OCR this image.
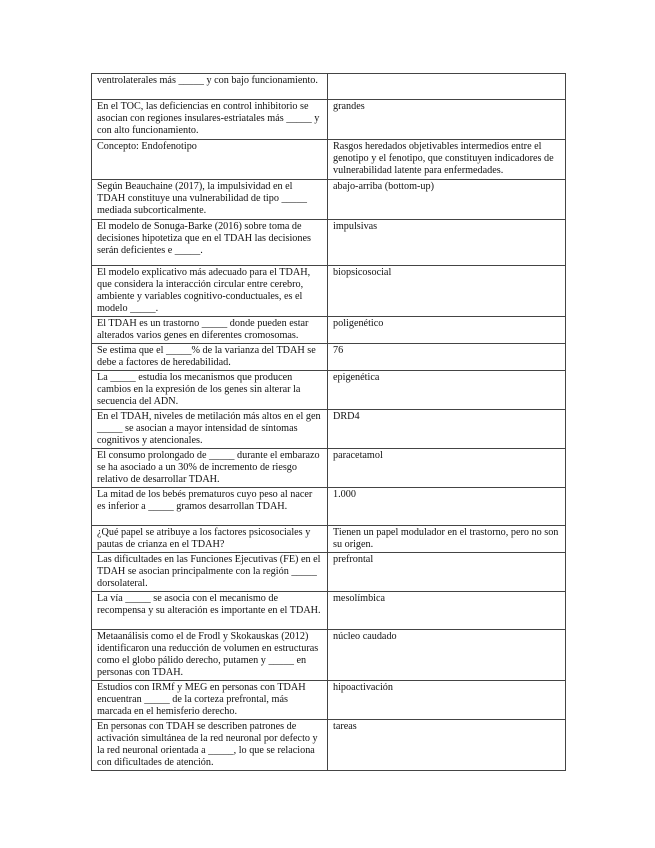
ventrolaterales más _____ y con bajo funcionamiento.	
En el TOC, las deficiencias en control inhibitorio se asocian con regiones insulares-estriatales más _____ y con alto funcionamiento.	grandes
Concepto: Endofenotipo	Rasgos heredados objetivables intermedios entre el genotipo y el fenotipo, que constituyen indicadores de vulnerabilidad latente para enfermedades.
Según Beauchaine (2017), la impulsividad en el TDAH constituye una vulnerabilidad de tipo _____ mediada subcorticalmente.	abajo-arriba (bottom-up)
El modelo de Sonuga-Barke (2016) sobre toma de decisiones hipotetiza que en el TDAH las decisiones serán deficientes e _____.	impulsivas
El modelo explicativo más adecuado para el TDAH, que considera la interacción circular entre cerebro, ambiente y variables cognitivo-conductuales, es el modelo _____.	biopsicosocial
El TDAH es un trastorno _____ donde pueden estar alterados varios genes en diferentes cromosomas.	poligenético
Se estima que el _____% de la varianza del TDAH se debe a factores de heredabilidad.	76
La _____ estudia los mecanismos que producen cambios en la expresión de los genes sin alterar la secuencia del ADN.	epigenética
En el TDAH, niveles de metilación más altos en el gen _____ se asocian a mayor intensidad de síntomas cognitivos y atencionales.	DRD4
El consumo prolongado de _____ durante el embarazo se ha asociado a un 30% de incremento de riesgo relativo de desarrollar TDAH.	paracetamol
La mitad de los bebés prematuros cuyo peso al nacer es inferior a _____ gramos desarrollan TDAH.	1.000
¿Qué papel se atribuye a los factores psicosociales y pautas de crianza en el TDAH?	Tienen un papel modulador en el trastorno, pero no son su origen.
Las dificultades en las Funciones Ejecutivas (FE) en el TDAH se asocian principalmente con la región _____ dorsolateral.	prefrontal
La vía _____ se asocia con el mecanismo de recompensa y su alteración es importante en el TDAH.	mesolímbica
Metaanálisis como el de Frodl y Skokauskas (2012) identificaron una reducción de volumen en estructuras como el globo pálido derecho, putamen y _____ en personas con TDAH.	núcleo caudado
Estudios con IRMf y MEG en personas con TDAH encuentran _____ de la corteza prefrontal, más marcada en el hemisferio derecho.	hipoactivación
En personas con TDAH se describen patrones de activación simultánea de la red neuronal por defecto y la red neuronal orientada a _____, lo que se relaciona con dificultades de atención.	tareas
